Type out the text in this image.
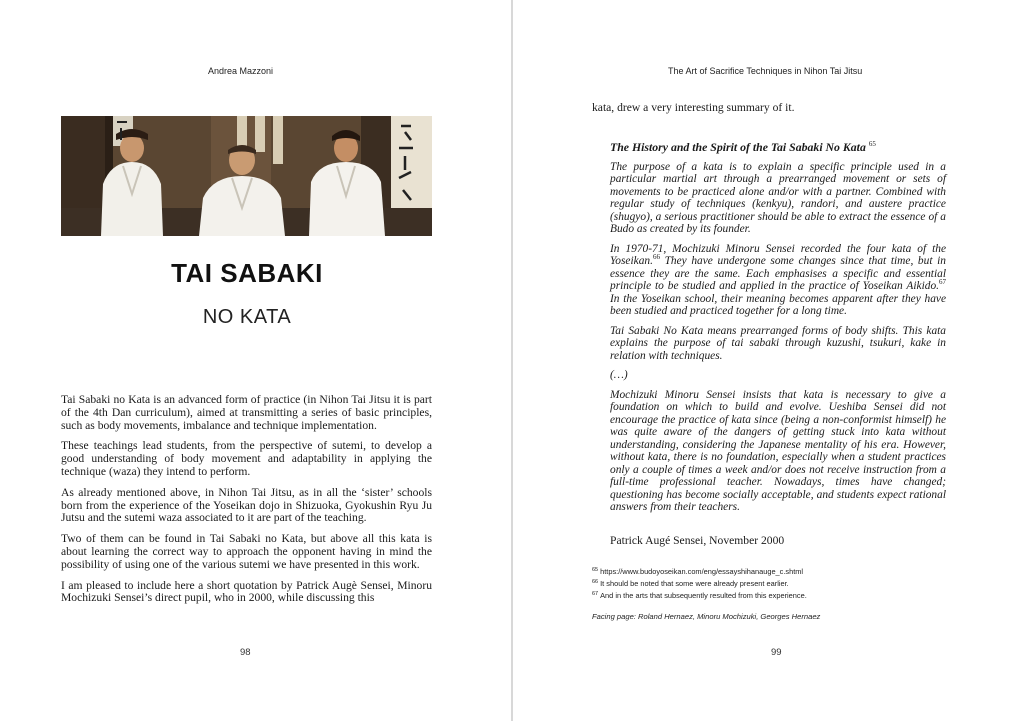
Andrea Mazzoni
TAI SABAKI
NO KATA

Tai Sabaki no Kata is an advanced form of practice (in Nihon Tai Jitsu it is part of the 4th Dan curriculum), aimed at transmitting a series of basic principles, such as body movements, imbalance and technique implementation.

These teachings lead students, from the perspective of sutemi, to develop a good understanding of body movement and adaptability in applying the technique (waza) they intend to perform.

As already mentioned above, in Nihon Tai Jitsu, as in all the ‘sister’ schools born from the experience of the Yoseikan dojo in Shizuoka, Gyokushin Ryu Ju Jutsu and the sutemi waza associated to it are part of the teaching.

Two of them can be found in Tai Sabaki no Kata, but above all this kata is about learning the correct way to approach the opponent having in mind the possibility of using one of the various sutemi we have presented in this work.

I am pleased to include here a short quotation by Patrick Augè Sensei, Minoru Mochizuki Sensei’s direct pupil, who in 2000, while discussing this

98
The Art of Sacrifice Techniques in Nihon Tai Jitsu
kata, drew a very interesting summary of it.

The History and the Spirit of the Tai Sabaki No Kata $^{65}$

The purpose of a kata is to explain a specific principle used in a particular martial art through a prearranged movement or sets of movements to be practiced alone and/or with a partner. Combined with regular study of techniques (kenkyu), randori, and austere practice (shugyo), a serious practitioner should be able to extract the essence of a Budo as created by its founder.

In 1970-71, Mochizuki Minoru Sensei recorded the four kata of the Yoseikan.$^{66}$ They have undergone some changes since that time, but in essence they are the same. Each emphasises a specific and essential principle to be studied and applied in the practice of Yoseikan Aikido.$^{67}$ In the Yoseikan school, their meaning becomes apparent after they have been studied and practiced together for a long time.

Tai Sabaki No Kata means prearranged forms of body shifts. This kata explains the purpose of tai sabaki through kuzushi, tsukuri, kake in relation with techniques.

(…)

Mochizuki Minoru Sensei insists that kata is necessary to give a foundation on which to build and evolve. Ueshiba Sensei did not encourage the practice of kata since (being a non-conformist himself) he was quite aware of the dangers of getting stuck into kata without understanding, considering the Japanese mentality of his era. However, without kata, there is no foundation, especially when a student practices only a couple of times a week and/or does not receive instruction from a full-time professional teacher. Nowadays, times have changed; questioning has become socially acceptable, and students expect rational answers from their teachers.

Patrick Augé Sensei, November 2000
$^{65}$ https://www.budoyoseikan.com/eng/essayshihanauge_c.shtml
$^{66}$ It should be noted that some were already present earlier.
$^{67}$ And in the arts that subsequently resulted from this experience.
Facing page: Roland Hernaez, Minoru Mochizuki, Georges Hernaez
99
